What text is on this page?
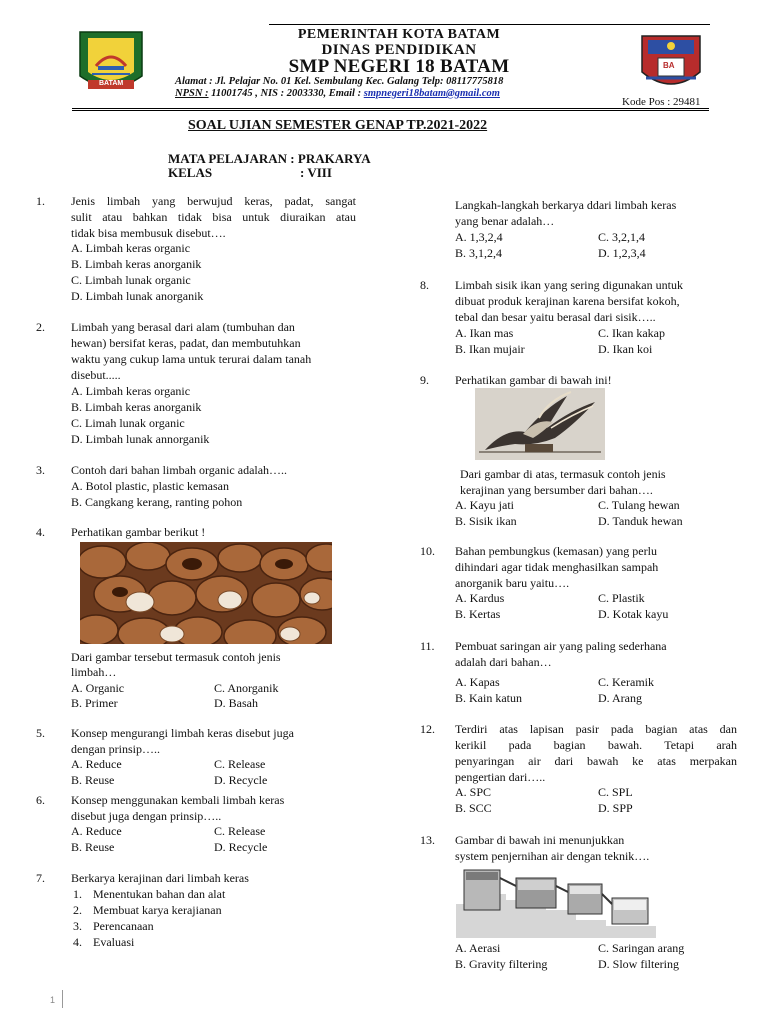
BATAM
BA
PEMERINTAH KOTA BATAM
DINAS PENDIDIKAN
SMP NEGERI 18 BATAM
Alamat : Jl. Pelajar No. 01 Kel. Sembulang Kec. Galang Telp: 08117775818
NPSN : 11001745 , NIS : 2003330, Email : smpnegeri18batam@gmail.com
Kode Pos : 29481
SOAL UJIAN SEMESTER GENAP TP.2021-2022
MATA PELAJARAN : PRAKARYA
KELAS	: VIII
1. Jenis limbah yang berwujud keras, padat, sangat
sulit atau bahkan tidak bisa untuk diuraikan atau
tidak bisa membusuk disebut….
A. Limbah keras organic
B. Limbah keras anorganik
C. Limbah lunak organic
D. Limbah lunak anorganik
2. Limbah yang berasal dari alam (tumbuhan dan
hewan) bersifat keras, padat, dan membutuhkan
waktu yang cukup lama untuk terurai dalam tanah
disebut.....
A. Limbah keras organic
B. Limbah keras anorganik
C. Limah lunak organic
D. Limbah lunak annorganik
3. Contoh dari bahan limbah organic adalah…..
A. Botol plastic, plastic kemasan
B. Cangkang kerang, ranting pohon
4. Perhatikan gambar berikut !
Dari gambar tersebut termasuk contoh jenis
limbah…
A. Organic
B. Primer
C. Anorganik
D. Basah
5. Konsep mengurangi limbah keras disebut juga
dengan prinsip…..
A. Reduce
B. Reuse
C. Release
D. Recycle
6. Konsep menggunakan kembali limbah keras
disebut juga dengan prinsip…..
A. Reduce
B. Reuse
C. Release
D. Recycle
7. Berkarya kerajinan dari limbah keras
1. Menentukan bahan dan alat
2. Membuat karya kerajianan
3. Perencanaan
4. Evaluasi
Langkah-langkah berkarya ddari limbah keras
yang benar adalah…
A. 1,3,2,4
B. 3,1,2,4
C. 3,2,1,4
D. 1,2,3,4
8. Limbah sisik ikan yang sering digunakan untuk
dibuat produk kerajinan karena bersifat kokoh,
tebal dan besar yaitu berasal dari sisik…..
A. Ikan mas
B. Ikan mujair
C. Ikan kakap
D. Ikan koi
9. Perhatikan gambar di bawah ini!
Dari gambar di atas, termasuk contoh jenis
kerajinan yang bersumber dari bahan….
A. Kayu jati
B. Sisik ikan
C. Tulang hewan
D. Tanduk hewan
10. Bahan pembungkus (kemasan) yang perlu
dihindari agar tidak menghasilkan sampah
anorganik baru yaitu….
A. Kardus
B. Kertas
C. Plastik
D. Kotak kayu
11. Pembuat saringan air yang paling sederhana
adalah dari bahan…
A. Kapas
B. Kain katun
C. Keramik
D. Arang
12. Terdiri atas lapisan pasir pada bagian atas dan
kerikil pada bagian bawah. Tetapi arah
penyaringan air dari bawah ke atas merpakan
pengertian dari…..
A. SPC
B. SCC
C. SPL
D. SPP
13. Gambar di bawah ini menunjukkan
system penjernihan air dengan teknik….
A. Aerasi
B. Gravity filtering
C. Saringan arang
D. Slow filtering
1
